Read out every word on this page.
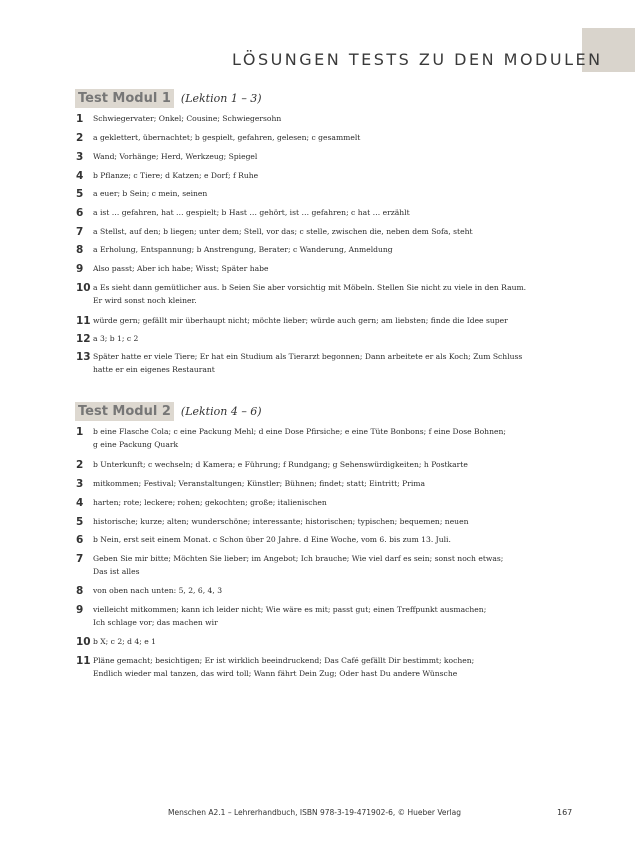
LÖSUNGEN TESTS ZU DEN MODULEN
Test Modul 1 (Lektion 1 – 3)
Test Modul 2 (Lektion 4 – 6)
1	Schwiegervater; Onkel; Cousine; Schwiegersohn
2	a geklettert, übernachtet; b gespielt, gefahren, gelesen; c gesammelt
3	Wand; Vorhänge; Herd, Werkzeug; Spiegel
4	b Pflanze; c Tiere; d Katzen; e Dorf; f Ruhe
5	a euer; b Sein; c mein, seinen
6	a ist … gefahren, hat … gespielt; b Hast … gehört, ist … gefahren; c hat … erzählt
7	a Stellst, auf den; b liegen; unter dem; Stell, vor das; c stelle, zwischen die, neben dem Sofa, steht
8	a Erholung, Entspannung; b Anstrengung, Berater; c Wanderung, Anmeldung
9	Also passt; Aber ich habe; Wisst; Später habe
10 a Es sieht dann gemütlicher aus. b Seien Sie aber vorsichtig mit Möbeln. Stellen Sie nicht zu viele in den Raum.
Er wird sonst noch kleiner.
11 würde gern; gefällt mir überhaupt nicht; möchte lieber; würde auch gern; am liebsten; finde die Idee super
12 a 3; b 1; c 2
13 Später hatte er viele Tiere; Er hat ein Studium als Tierarzt begonnen; Dann arbeitete er als Koch; Zum Schluss
hatte er ein eigenes Restaurant
1	b eine Flasche Cola; c eine Packung Mehl; d eine Dose Pfirsiche; e eine Tüte Bonbons; f eine Dose Bohnen;
g eine Packung Quark
2	b Unterkunft; c wechseln; d Kamera; e Führung; f Rundgang; g Sehenswürdigkeiten; h Postkarte
3	mitkommen; Festival; Veranstaltungen; Künstler; Bühnen; findet; statt; Eintritt; Prima
4	harten; rote; leckere; rohen; gekochten; große; italienischen
5	historische; kurze; alten; wunderschöne; interessante; historischen; typischen; bequemen; neuen
6	b Nein, erst seit einem Monat. c Schon über 20 Jahre. d Eine Woche, vom 6. bis zum 13. Juli.
7	Geben Sie mir bitte; Möchten Sie lieber; im Angebot; Ich brauche; Wie viel darf es sein; sonst noch etwas;
Das ist alles
8	von oben nach unten: 5, 2, 6, 4, 3
9	vielleicht mitkommen; kann ich leider nicht; Wie wäre es mit; passt gut; einen Treffpunkt ausmachen;
Ich schlage vor; das machen wir
10 b X; c 2; d 4; e 1
11 Pläne gemacht; besichtigen; Er ist wirklich beeindruckend; Das Café gefällt Dir bestimmt; kochen;
Endlich wieder mal tanzen, das wird toll; Wann fährt Dein Zug; Oder hast Du andere Wünsche
Menschen A2.1 – Lehrerhandbuch, ISBN 978-3-19-471902-6, © Hueber Verlag	167
